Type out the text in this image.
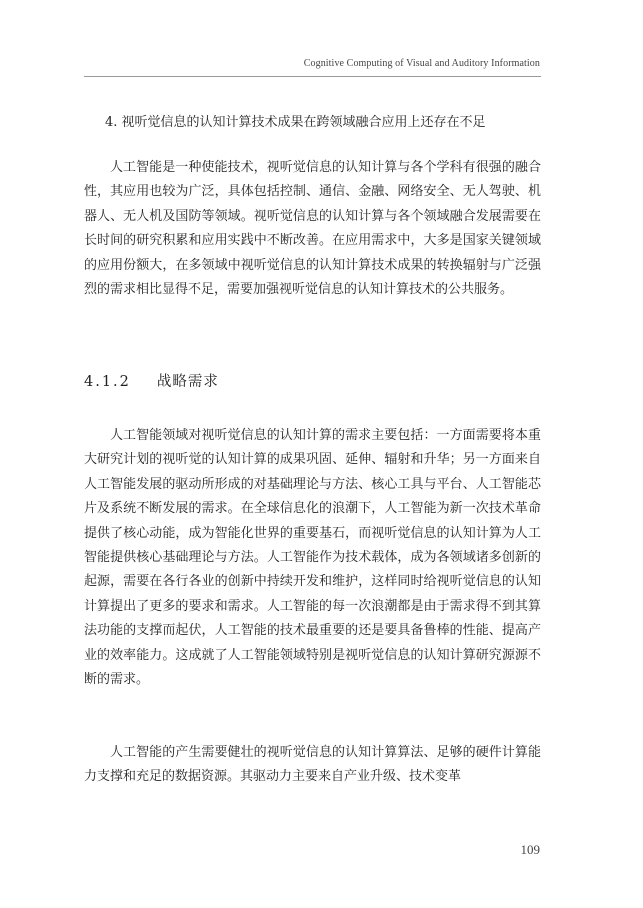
Cognitive Computing of Visual and Auditory Information
4. 视听觉信息的认知计算技术成果在跨领域融合应用上还存在不足

人工智能是一种使能技术，视听觉信息的认知计算与各个学科有很强的融合性，其应用也较为广泛，具体包括控制、通信、金融、网络安全、无人驾驶、机器人、无人机及国防等领域。视听觉信息的认知计算与各个领域融合发展需要在长时间的研究积累和应用实践中不断改善。在应用需求中，大多是国家关键领域的应用份额大，在多领域中视听觉信息的认知计算技术成果的转换辐射与广泛强烈的需求相比显得不足，需要加强视听觉信息的认知计算技术的公共服务。

4.1.2 战略需求

人工智能领域对视听觉信息的认知计算的需求主要包括：一方面需要将本重大研究计划的视听觉的认知计算的成果巩固、延伸、辐射和升华；另一方面来自人工智能发展的驱动所形成的对基础理论与方法、核心工具与平台、人工智能芯片及系统不断发展的需求。在全球信息化的浪潮下，人工智能为新一次技术革命提供了核心动能，成为智能化世界的重要基石，而视听觉信息的认知计算为人工智能提供核心基础理论与方法。人工智能作为技术载体，成为各领域诸多创新的起源，需要在各行各业的创新中持续开发和维护，这样同时给视听觉信息的认知计算提出了更多的要求和需求。人工智能的每一次浪潮都是由于需求得不到其算法功能的支撑而起伏，人工智能的技术最重要的还是要具备鲁棒的性能、提高产业的效率能力。这成就了人工智能领域特别是视听觉信息的认知计算研究源源不断的需求。

人工智能的产生需要健壮的视听觉信息的认知计算算法、足够的硬件计算能力支撑和充足的数据资源。其驱动力主要来自产业升级、技术变革

109
